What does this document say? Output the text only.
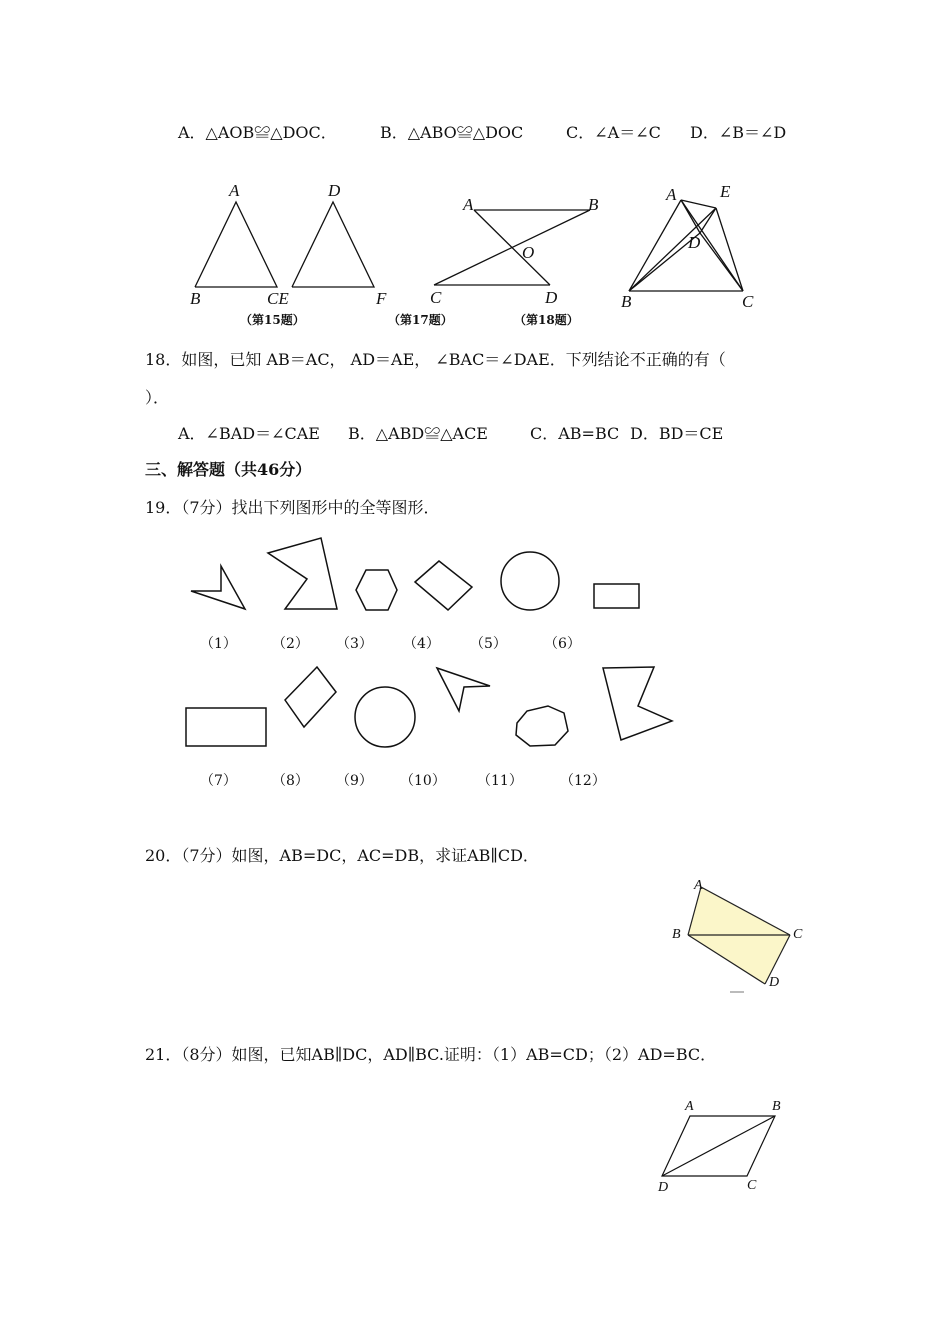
A．△AOB≌△DOC．	B．△ABO≌△DOC	C．∠A＝∠C D．∠B＝∠D
A	D
B	CE	F
（第15题）
A	B
O
C	D
（第17题）
A	E
D
B	C
（第18题）
18．如图，已知 AB＝AC， AD＝AE， ∠BAC＝∠DAE．下列结论不正确的有（
）．
A．∠BAD＝∠CAE B．△ABD≌△ACE	C．AB=BC D．BD＝CE
三、解答题（共46分）
19．（7分）找出下列图形中的全等图形．
（1）	（2） （3） （4） （5）	（6）
（7）	（8） （9） （10） （11）	（12）
20．（7分）如图，AB=DC，AC=DB，求证AB∥CD．
A
B	C
D
21．（8分）如图，已知AB∥DC，AD∥BC.证明：（1）AB=CD；（2）AD=BC．
A	B
D	C
